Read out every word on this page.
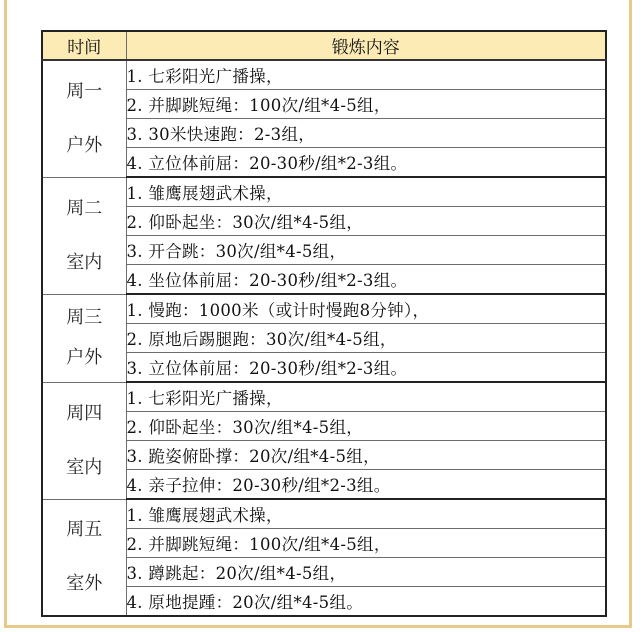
时间	锻炼内容

周一
户外	1. 七彩阳光广播操，
	2. 并脚跳短绳：100次/组*4-5组，
	3. 30米快速跑：2-3组，
	4. 立位体前屈：20-30秒/组*2-3组。

周二
室内	1. 雏鹰展翅武术操，
	2. 仰卧起坐：30次/组*4-5组，
	3. 开合跳：30次/组*4-5组，
	4. 坐位体前屈：20-30秒/组*2-3组。

周三
户外	1. 慢跑：1000米（或计时慢跑8分钟），
	2. 原地后踢腿跑：30次/组*4-5组，
	3. 立位体前屈：20-30秒/组*2-3组。

周四
室内	1. 七彩阳光广播操，
	2. 仰卧起坐：30次/组*4-5组，
	3. 跪姿俯卧撑：20次/组*4-5组，
	4. 亲子拉伸：20-30秒/组*2-3组。

周五
室外	1. 雏鹰展翅武术操，
	2. 并脚跳短绳：100次/组*4-5组，
	3. 蹲跳起：20次/组*4-5组，
	4. 原地提踵：20次/组*4-5组。
